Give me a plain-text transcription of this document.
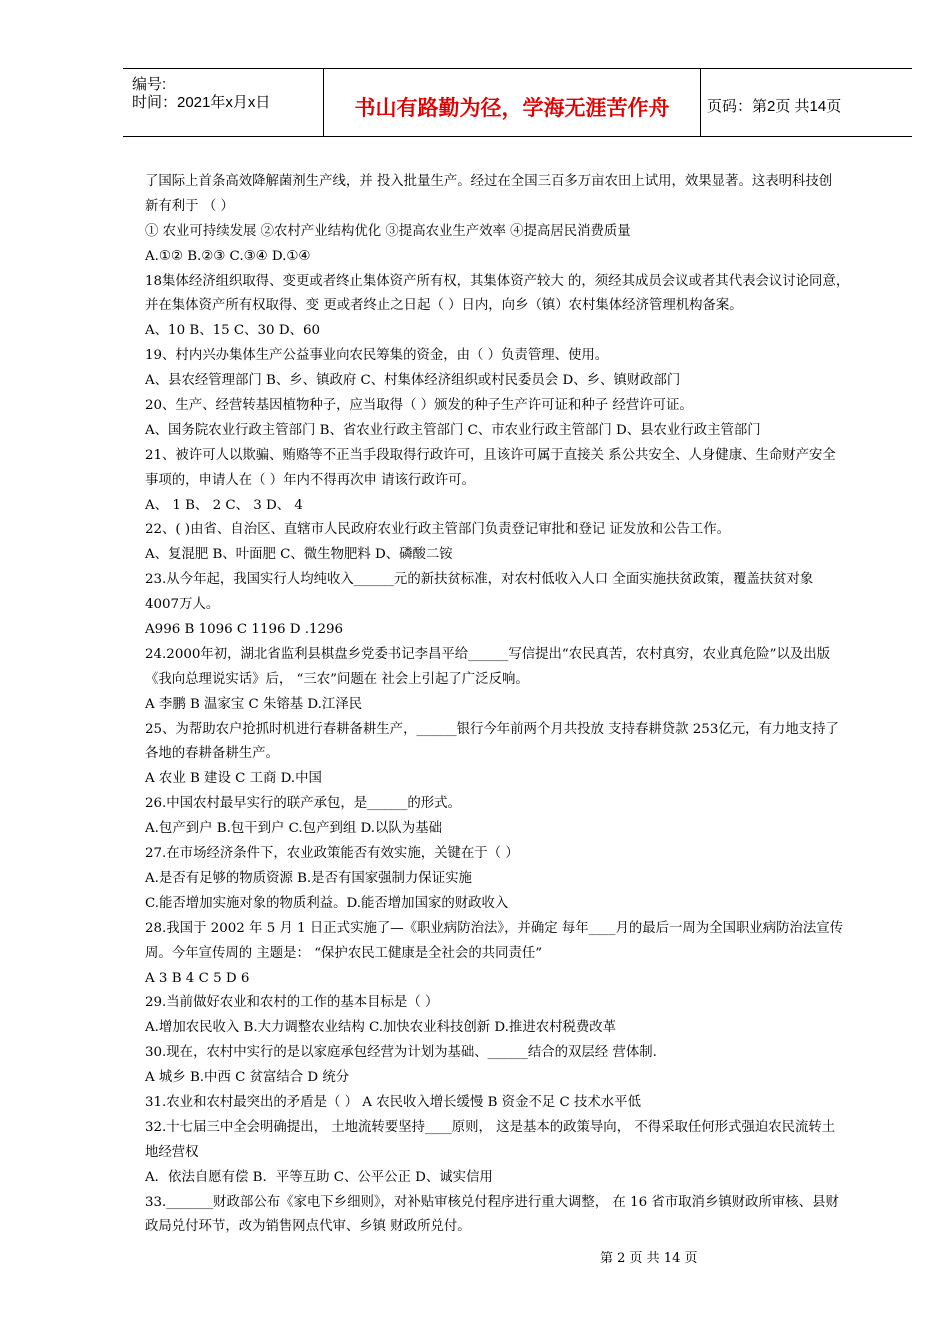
编号:
时间：2021年x月x日	书山有路勤为径，学海无涯苦作舟	页码：第2页 共14页
了国际上首条高效降解菌剂生产线，并 投入批量生产。经过在全国三百多万亩农田上试用，效果显著。这表明科技创
新有利于 （ ）
① 农业可持续发展 ②农村产业结构优化 ③提高农业生产效率 ④提高居民消费质量
A.①② B.②③ C.③④ D.①④
18集体经济组织取得、变更或者终止集体资产所有权，其集体资产较大 的，须经其成员会议或者其代表会议讨论同意，
并在集体资产所有权取得、变 更或者终止之日起（ ）日内，向乡（镇）农村集体经济管理机构备案。
A、10 B、15 C、30 D、60
19、村内兴办集体生产公益事业向农民筹集的资金，由（ ）负责管理、使用。
A、县农经管理部门 B、乡、镇政府 C、村集体经济组织或村民委员会 D、乡、镇财政部门
20、生产、经营转基因植物种子，应当取得（ ）颁发的种子生产许可证和种子 经营许可证。
A、国务院农业行政主管部门 B、省农业行政主管部门 C、市农业行政主管部门 D、县农业行政主管部门
21、被许可人以欺骗、贿赂等不正当手段取得行政许可，且该许可属于直接关 系公共安全、人身健康、生命财产安全
事项的，申请人在（ ）年内不得再次申 请该行政许可。
A、 1 B、 2 C、 3 D、 4
22、( )由省、自治区、直辖市人民政府农业行政主管部门负责登记审批和登记 证发放和公告工作。
A、复混肥 B、叶面肥 C、微生物肥料 D、磷酸二铵
23.从今年起，我国实行人均纯收入______元的新扶贫标准，对农村低收入人口 全面实施扶贫政策，覆盖扶贫对象
4007万人。
A996 B 1096 C 1196 D .1296
24.2000年初，湖北省监利县棋盘乡党委书记李昌平给______写信提出“农民真苦，农村真穷，农业真危险”以及出版
《我向总理说实话》后， “三农”问题在 社会上引起了广泛反响。
A 李鹏 B 温家宝 C 朱镕基 D.江泽民
25、为帮助农户抢抓时机进行春耕备耕生产，______银行今年前两个月共投放 支持春耕贷款 253亿元，有力地支持了
各地的春耕备耕生产。
A 农业 B 建设 C 工商 D.中国
26.中国农村最早实行的联产承包，是______的形式。
A.包产到户 B.包干到户 C.包产到组 D.以队为基础
27.在市场经济条件下，农业政策能否有效实施，关键在于（ ）
A.是否有足够的物质资源 B.是否有国家强制力保证实施
C.能否增加实施对象的物质利益。D.能否增加国家的财政收入
28.我国于 2002 年 5 月 1 日正式实施了—《职业病防治法》，并确定 每年____月的最后一周为全国职业病防治法宣传
周。今年宣传周的 主题是： “保护农民工健康是全社会的共同责任”
A 3 B 4 C 5 D 6
29.当前做好农业和农村的工作的基本目标是（ ）
A.增加农民收入 B.大力调整农业结构 C.加快农业科技创新 D.推进农村税费改革
30.现在，农村中实行的是以家庭承包经营为计划为基础、______结合的双层经 营体制.
A 城乡 B.中西 C 贫富结合 D 统分
31.农业和农村最突出的矛盾是（ ） A 农民收入增长缓慢 B 资金不足 C 技术水平低
32.十七届三中全会明确提出， 土地流转要坚持____原则， 这是基本的政策导向， 不得采取任何形式强迫农民流转土
地经营权
A．依法自愿有偿 B．平等互助 C、公平公正 D、诚实信用
33._______财政部公布《家电下乡细则》，对补贴审核兑付程序进行重大调整， 在 16 省市取消乡镇财政所审核、县财
政局兑付环节，改为销售网点代审、乡镇 财政所兑付。
第 2 页 共 14 页
